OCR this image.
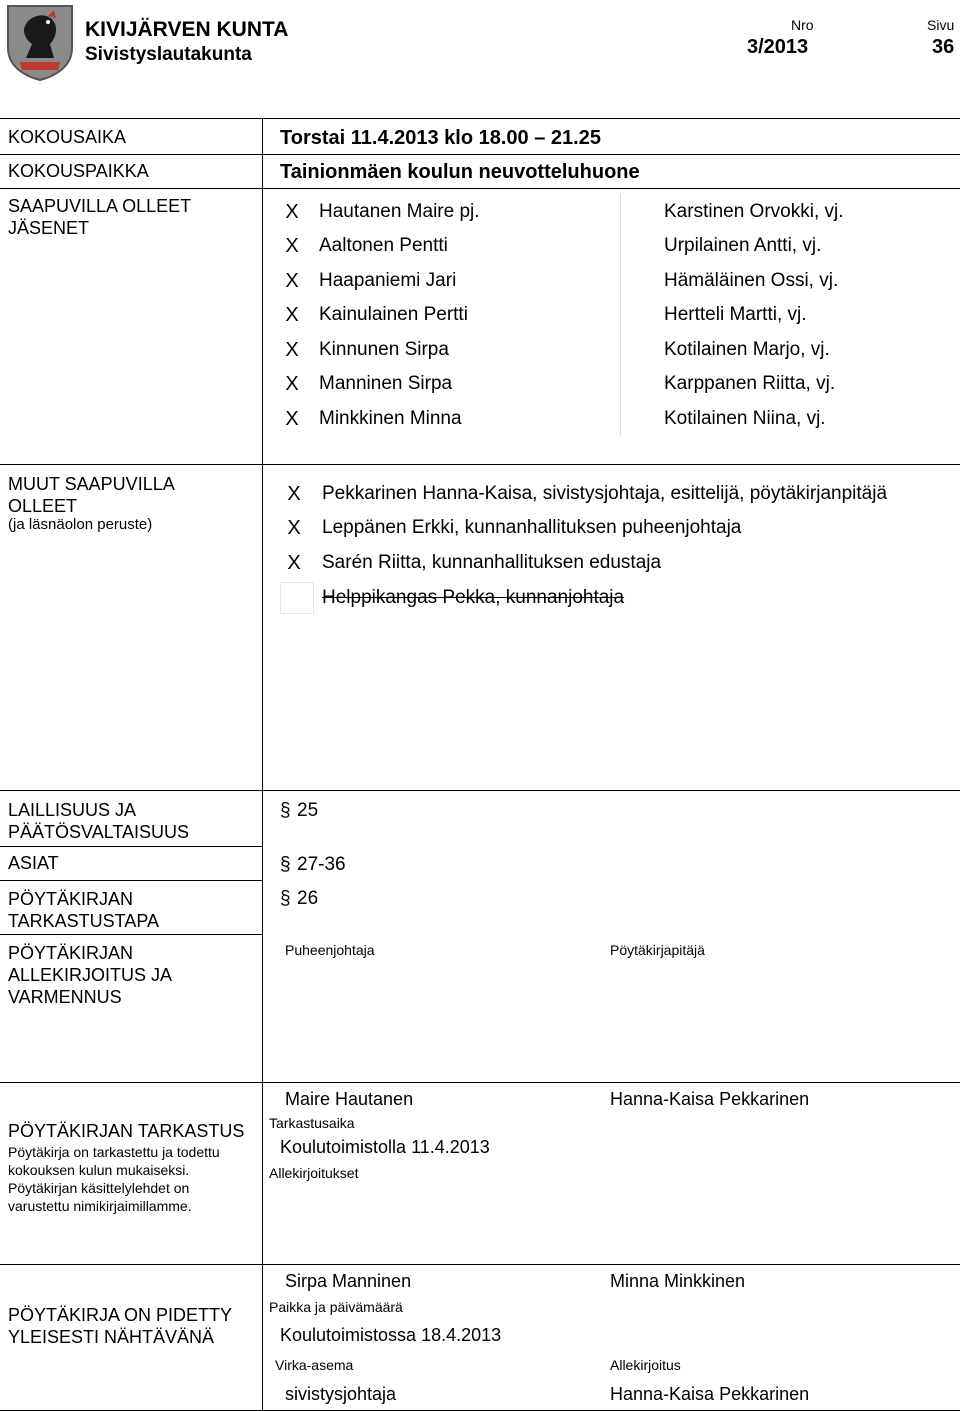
KIVIJÄRVEN KUNTA
Sivistyslautakunta
Nro
3/2013
Sivu
36
KOKOUSAIKA	Torstai 11.4.2013 klo 18.00 – 21.25
KOKOUSPAIKKA	Tainionmäen koulun neuvotteluhuone
SAAPUVILLA OLLEET JÄSENET
X	Hautanen Maire pj.	Karstinen Orvokki, vj.
X	Aaltonen Pentti	Urpilainen Antti, vj.
X	Haapaniemi Jari	Hämäläinen Ossi, vj.
X	Kainulainen Pertti	Hertteli Martti, vj.
X	Kinnunen Sirpa	Kotilainen Marjo, vj.
X	Manninen Sirpa	Karppanen Riitta, vj.
X	Minkkinen Minna	Kotilainen Niina, vj.
MUUT SAAPUVILLA OLLEET
(ja läsnäolon peruste)
X	Pekkarinen Hanna-Kaisa, sivistysjohtaja, esittelijä, pöytäkirjanpitäjä
X	Leppänen Erkki, kunnanhallituksen puheenjohtaja
X	Sarén Riitta, kunnanhallituksen edustaja
Helppikangas Pekka, kunnanjohtaja
LAILLISUUS JA PÄÄTÖSVALTAISUUS
§ 25
ASIAT	§ 27-36
PÖYTÄKIRJAN TARKASTUSTAPA
§ 26
PÖYTÄKIRJAN ALLEKIRJOITUS JA VARMENNUS
Puheenjohtaja	Pöytäkirjapitäjä
Maire Hautanen	Hanna-Kaisa Pekkarinen
PÖYTÄKIRJAN TARKASTUS
Pöytäkirja on tarkastettu ja todettu kokouksen kulun mukaiseksi. Pöytäkirjan käsittelylehdet on varustettu nimikirjaimillamme.
Tarkastusaika
Koulutoimistolla 11.4.2013
Allekirjoitukset
Sirpa Manninen	Minna Minkkinen
PÖYTÄKIRJA ON PIDETTY YLEISESTI NÄHTÄVÄNÄ
Paikka ja päivämäärä
Koulutoimistossa 18.4.2013
Virka-asema	Allekirjoitus
sivistysjohtaja	Hanna-Kaisa Pekkarinen
